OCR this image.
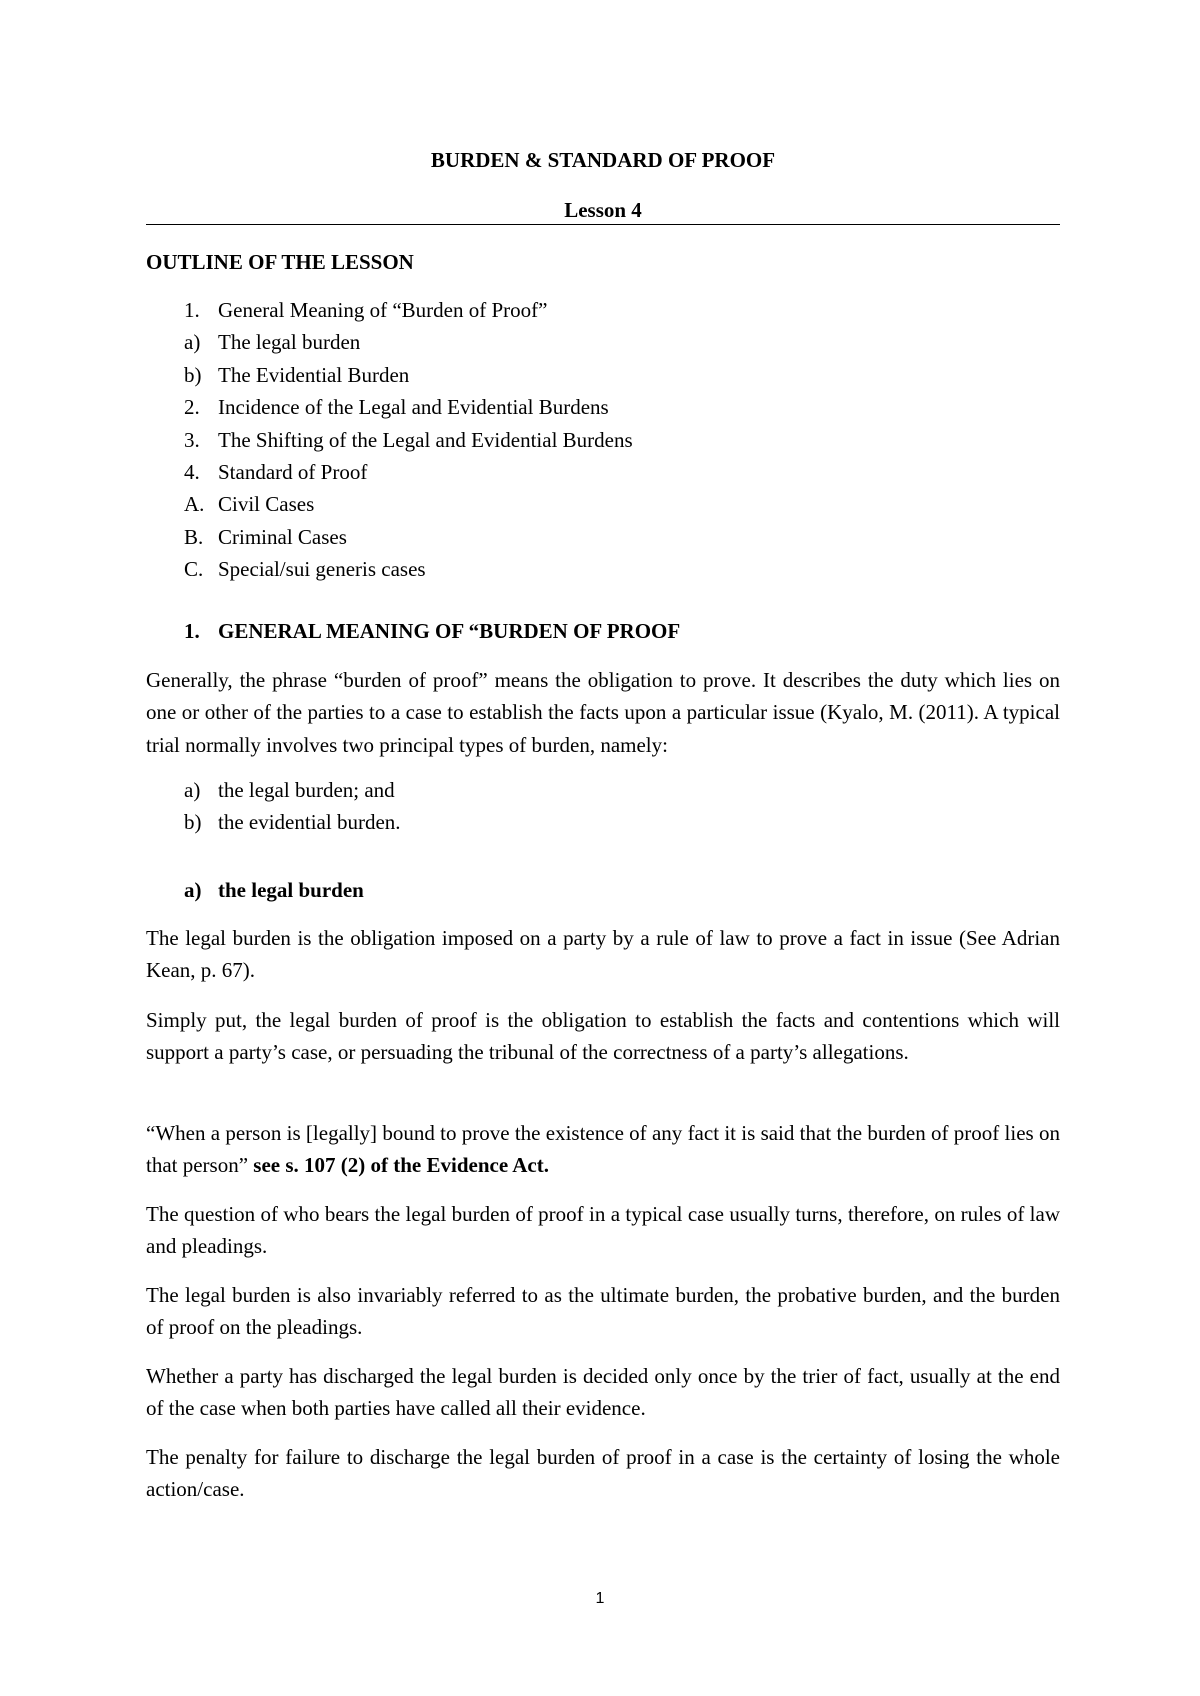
BURDEN & STANDARD OF PROOF
Lesson 4
OUTLINE OF THE LESSON
1. General Meaning of “Burden of Proof”
a) The legal burden
b) The Evidential Burden
2. Incidence of the Legal and Evidential Burdens
3. The Shifting of the Legal and Evidential Burdens
4. Standard of Proof
A. Civil Cases
B. Criminal Cases
C. Special/sui generis cases
1. GENERAL MEANING OF “BURDEN OF PROOF

Generally, the phrase “burden of proof” means the obligation to prove. It describes the duty which lies on one or other of the parties to a case to establish the facts upon a particular issue (Kyalo, M. (2011). A typical trial normally involves two principal types of burden, namely:

a) the legal burden; and
b) the evidential burden.
a) the legal burden

The legal burden is the obligation imposed on a party by a rule of law to prove a fact in issue (See Adrian Kean, p. 67).

Simply put, the legal burden of proof is the obligation to establish the facts and contentions which will support a party’s case, or persuading the tribunal of the correctness of a party’s allegations.

“When a person is [legally] bound to prove the existence of any fact it is said that the burden of proof lies on that person” see s. 107 (2) of the Evidence Act.

The question of who bears the legal burden of proof in a typical case usually turns, therefore, on rules of law and pleadings.

The legal burden is also invariably referred to as the ultimate burden, the probative burden, and the burden of proof on the pleadings.

Whether a party has discharged the legal burden is decided only once by the trier of fact, usually at the end of the case when both parties have called all their evidence.

The penalty for failure to discharge the legal burden of proof in a case is the certainty of losing the whole action/case.

1
